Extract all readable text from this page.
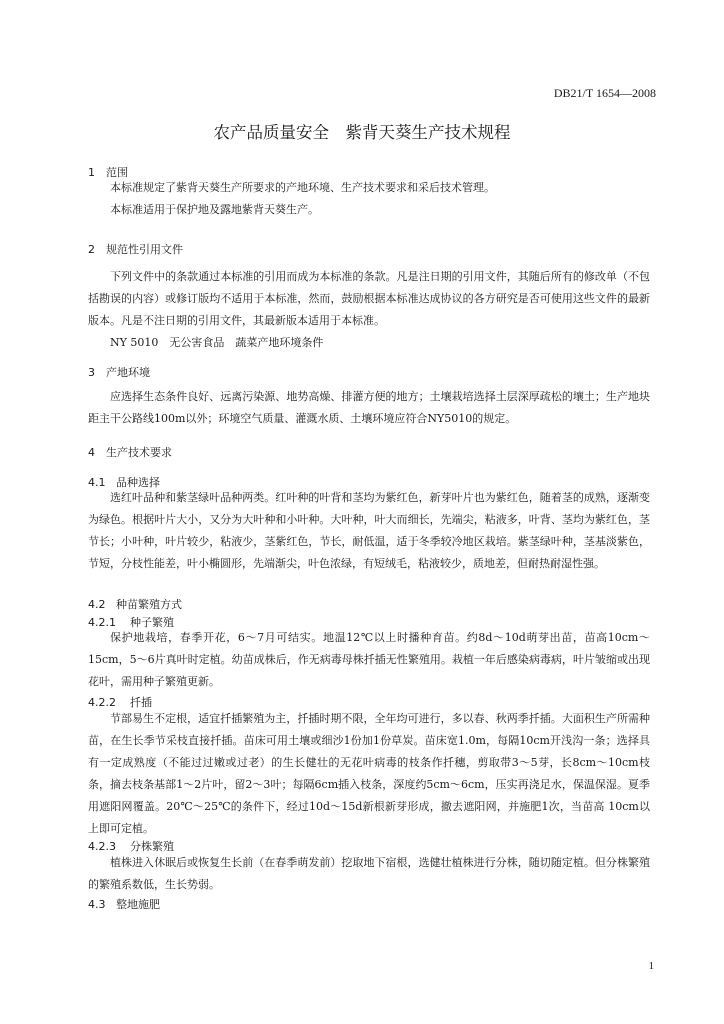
DB21/T 1654—2008
农产品质量安全　紫背天葵生产技术规程
1 范围

本标准规定了紫背天葵生产所要求的产地环境、生产技术要求和采后技术管理。

本标准适用于保护地及露地紫背天葵生产。

2 规范性引用文件

下列文件中的条款通过本标准的引用而成为本标准的条款。凡是注日期的引用文件，其随后所有的修改单（不包括勘误的内容）或修订版均不适用于本标准，然而，鼓励根据本标准达成协议的各方研究是否可使用这些文件的最新版本。凡是不注日期的引用文件，其最新版本适用于本标准。

NY 5010　无公害食品　蔬菜产地环境条件

3 产地环境

应选择生态条件良好、远离污染源、地势高燥、排灌方便的地方；土壤栽培选择土层深厚疏松的壤土；生产地块距主干公路线100m以外；环境空气质量、灌溉水质、土壤环境应符合NY5010的规定。

4 生产技术要求
4.1 品种选择

选红叶品种和紫茎绿叶品种两类。红叶种的叶背和茎均为紫红色，新芽叶片也为紫红色，随着茎的成熟，逐渐变为绿色。根据叶片大小，又分为大叶种和小叶种。大叶种，叶大而细长，先端尖，粘液多，叶背、茎均为紫红色，茎节长；小叶种，叶片较少，粘液少，茎紫红色，节长，耐低温，适于冬季较冷地区栽培。紫茎绿叶种，茎基淡紫色，节短，分枝性能差，叶小椭圆形，先端渐尖，叶色浓绿，有短绒毛，粘液较少，质地差，但耐热耐湿性强。

4.2 种苗繁殖方式
4.2.1 种子繁殖

保护地栽培，春季开花，6～7月可结实。地温12℃以上时播种育苗。约8d～10d萌芽出苗，苗高10cm～15cm，5～6片真叶时定植。幼苗成株后，作无病毒母株扦插无性繁殖用。栽植一年后感染病毒病，叶片皱缩或出现花叶，需用种子繁殖更新。

4.2.2 扦插

节部易生不定根，适宜扦插繁殖为主，扦插时期不限，全年均可进行，多以春、秋两季扦插。大面积生产所需种苗，在生长季节采枝直接扦插。苗床可用土壤或细沙1份加1份草炭。苗床宽1.0m，每隔10cm开浅沟一条；选择具有一定成熟度（不能过过嫩或过老）的生长健壮的无花叶病毒的枝条作扦穗，剪取带3～5芽，长8cm～10cm枝条，摘去枝条基部1～2片叶，留2～3叶；每隔6cm插入枝条，深度约5cm～6cm，压实再浇足水，保温保湿。夏季用遮阳网覆盖。20℃～25℃的条件下，经过10d～15d新根新芽形成，撤去遮阳网，并施肥1次，当苗高 10cm以上即可定植。

4.2.3 分株繁殖

植株进入休眠后或恢复生长前（在春季萌发前）挖取地下宿根，选健壮植株进行分株，随切随定植。但分株繁殖的繁殖系数低，生长势弱。

4.3 整地施肥
1
